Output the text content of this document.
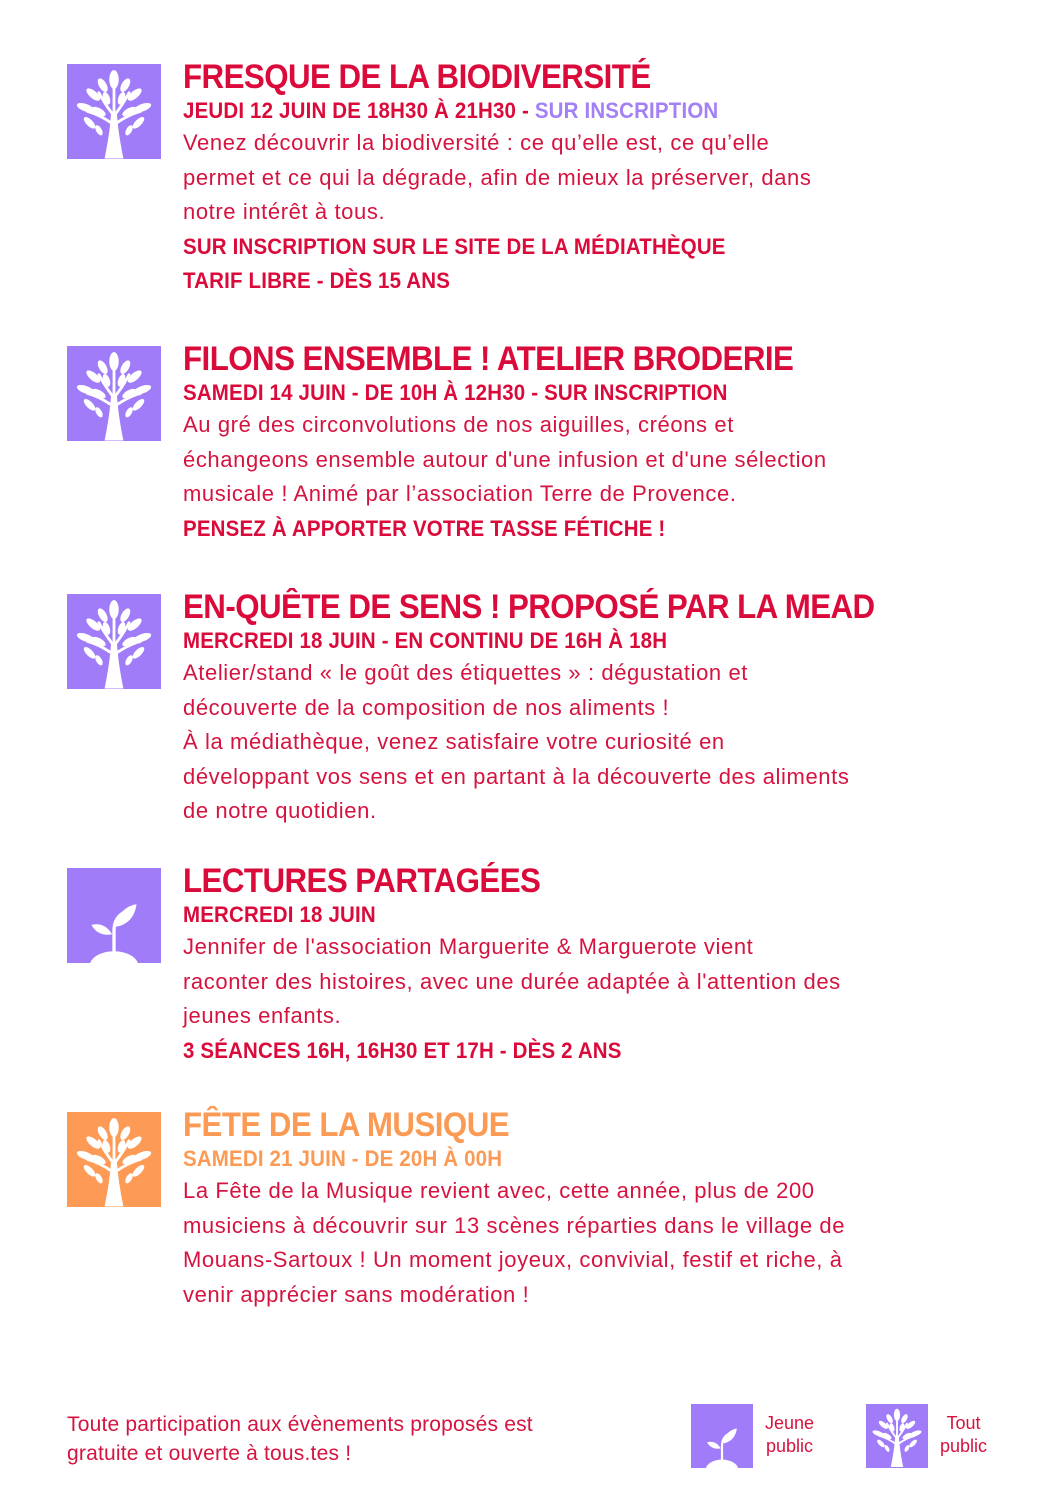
FRESQUE DE LA BIODIVERSITÉ
JEUDI 12 JUIN DE 18H30 À 21H30 - SUR INSCRIPTION
Venez découvrir la biodiversité : ce qu’elle est, ce qu’elle
permet et ce qui la dégrade, afin de mieux la préserver, dans
notre intérêt à tous.
SUR INSCRIPTION SUR LE SITE DE LA MÉDIATHÈQUE
TARIF LIBRE - DÈS 15 ANS
FILONS ENSEMBLE ! ATELIER BRODERIE
SAMEDI 14 JUIN - DE 10H À 12H30 - SUR INSCRIPTION
Au gré des circonvolutions de nos aiguilles, créons et
échangeons ensemble autour d'une infusion et d'une sélection
musicale ! Animé par l’association Terre de Provence.
PENSEZ À APPORTER VOTRE TASSE FÉTICHE !
EN-QUÊTE DE SENS ! PROPOSÉ PAR LA MEAD
MERCREDI 18 JUIN - EN CONTINU DE 16H À 18H
Atelier/stand « le goût des étiquettes » : dégustation et
découverte de la composition de nos aliments !
À la médiathèque, venez satisfaire votre curiosité en
développant vos sens et en partant à la découverte des aliments
de notre quotidien.
LECTURES PARTAGÉES
MERCREDI 18 JUIN
Jennifer de l'association Marguerite & Marguerote vient
raconter des histoires, avec une durée adaptée à l'attention des
jeunes enfants.
3 SÉANCES 16H, 16H30 ET 17H - DÈS 2 ANS
FÊTE DE LA MUSIQUE
SAMEDI 21 JUIN - DE 20H À 00H
La Fête de la Musique revient avec, cette année, plus de 200
musiciens à découvrir sur 13 scènes réparties dans le village de
Mouans-Sartoux ! Un moment joyeux, convivial, festif et riche, à
venir apprécier sans modération !
Toute participation aux évènements proposés est
gratuite et ouverte à tous.tes !
Jeune
public
Tout
public
